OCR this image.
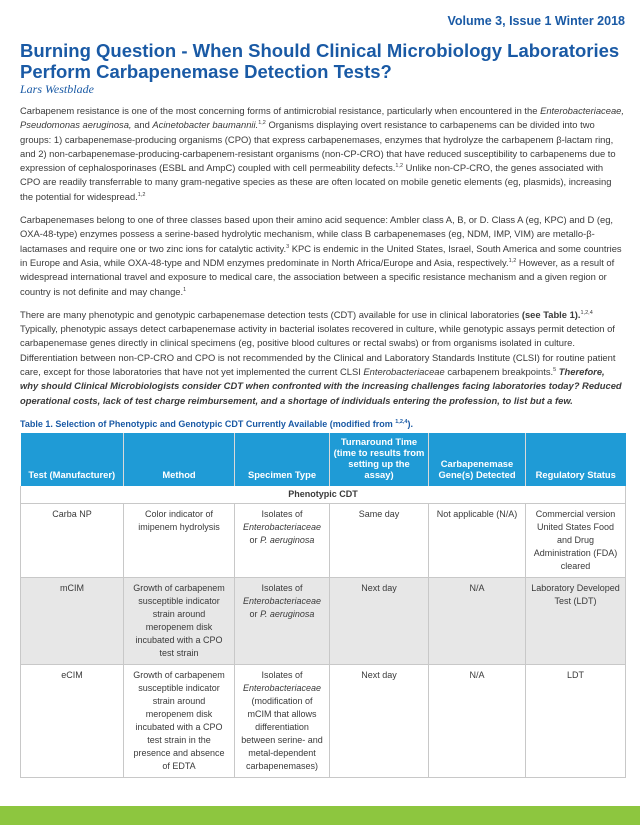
Volume 3, Issue 1 Winter 2018
Burning Question - When Should Clinical Microbiology Laboratories Perform Carbapenemase Detection Tests?
Lars Westblade

Carbapenem resistance is one of the most concerning forms of antimicrobial resistance, particularly when encountered in the Enterobacteriaceae, Pseudomonas aeruginosa, and Acinetobacter baumannii.$^{1,2}$ Organisms displaying overt resistance to carbapenems can be divided into two groups: 1) carbapenemase-producing organisms (CPO) that express carbapenemases, enzymes that hydrolyze the carbapenem β-lactam ring, and 2) non-carbapenemase-producing-carbapenem-resistant organisms (non-CP-CRO) that have reduced susceptibility to carbapenems due to expression of cephalosporinases (ESBL and AmpC) coupled with cell permeability defects.$^{1,2}$ Unlike non-CP-CRO, the genes associated with CPO are readily transferrable to many gram-negative species as these are often located on mobile genetic elements (eg, plasmids), increasing the potential for widespread.$^{1,2}$

Carbapenemases belong to one of three classes based upon their amino acid sequence: Ambler class A, B, or D. Class A (eg, KPC) and D (eg, OXA-48-type) enzymes possess a serine-based hydrolytic mechanism, while class B carbapenemases (eg, NDM, IMP, VIM) are metallo-β-lactamases and require one or two zinc ions for catalytic activity.$^3$ KPC is endemic in the United States, Israel, South America and some countries in Europe and Asia, while OXA-48-type and NDM enzymes predominate in North Africa/Europe and Asia, respectively.$^{1,2}$ However, as a result of widespread international travel and exposure to medical care, the association between a specific resistance mechanism and a given region or country is not definite and may change.$^1$

There are many phenotypic and genotypic carbapenemase detection tests (CDT) available for use in clinical laboratories (see Table 1).$^{1,2,4}$ Typically, phenotypic assays detect carbapenemase activity in bacterial isolates recovered in culture, while genotypic assays permit detection of carbapenemase genes directly in clinical specimens (eg, positive blood cultures or rectal swabs) or from organisms isolated in culture. Differentiation between non-CP-CRO and CPO is not recommended by the Clinical and Laboratory Standards Institute (CLSI) for routine patient care, except for those laboratories that have not yet implemented the current CLSI Enterobacteriaceae carbapenem breakpoints.$^5$ Therefore, why should Clinical Microbiologists consider CDT when confronted with the increasing challenges facing laboratories today? Reduced operational costs, lack of test charge reimbursement, and a shortage of individuals entering the profession, to list but a few.

Table 1. Selection of Phenotypic and Genotypic CDT Currently Available (modified from $^{1,2,4}$).
Test (Manufacturer)	Method	Specimen Type	Turnaround Time (time to results from setting up the assay)	Carbapenemase Gene(s) Detected	Regulatory Status
Phenotypic CDT					
Carba NP	Color indicator of imipenem hydrolysis	Isolates of Enterobacteriaceae or P. aeruginosa	Same day	Not applicable (N/A)	Commercial version United States Food and Drug Administration (FDA) cleared
mCIM	Growth of carbapenem susceptible indicator strain around meropenem disk incubated with a CPO test strain	Isolates of Enterobacteriaceae or P. aeruginosa	Next day	N/A	Laboratory Developed Test (LDT)
eCIM	Growth of carbapenem susceptible indicator strain around meropenem disk incubated with a CPO test strain in the presence and absence of EDTA	Isolates of Enterobacteriaceae (modification of mCIM that allows differentiation between serine- and metal-dependent carbapenemases)	Next day	N/A	LDT
